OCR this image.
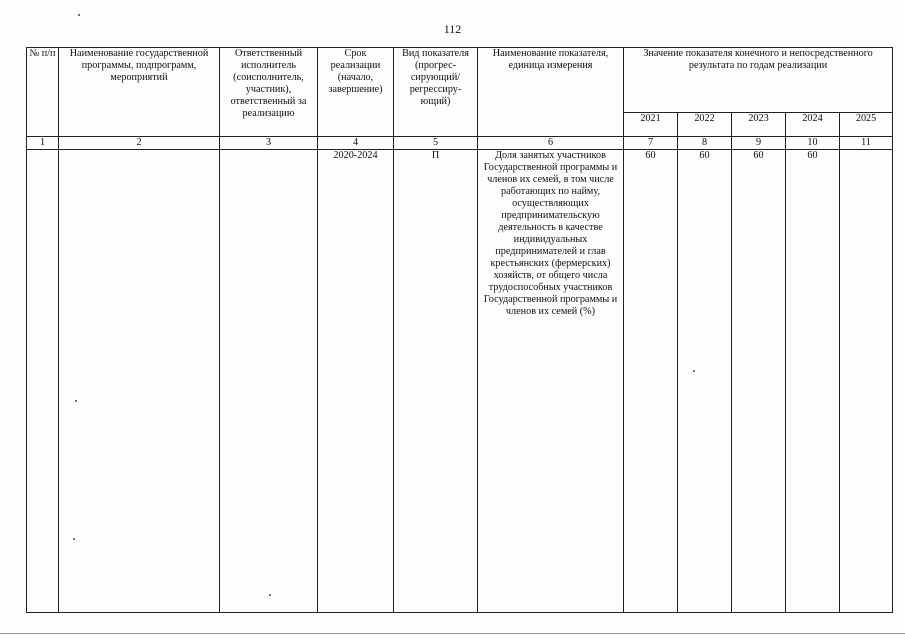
112
№ п/п	Наименование государственной программы, подпрограмм, мероприятий	Ответственный исполнитель (соисполнитель, участник), ответственный за реализацию	Срок реализации (начало, завершение)	Вид показателя (прогрес-сирующий/ регрессиру-ющий)	Наименование показателя, единица измерения	Значение показателя конечного и непосредственного результата по годам реализации				
						2021	2022	2023	2024	2025
1	2	3	4	5	6	7	8	9	10	11
			2020-2024	П	Доля занятых участников Государственной программы и членов их семей, в том числе работающих по найму, осуществляющих предпринимательскую деятельность в качестве индивидуальных предпринимателей и глав крестьянских (фермерских) хозяйств, от общего числа трудоспособных участников Государственной программы и членов их семей (%)	60	60	60	60	
